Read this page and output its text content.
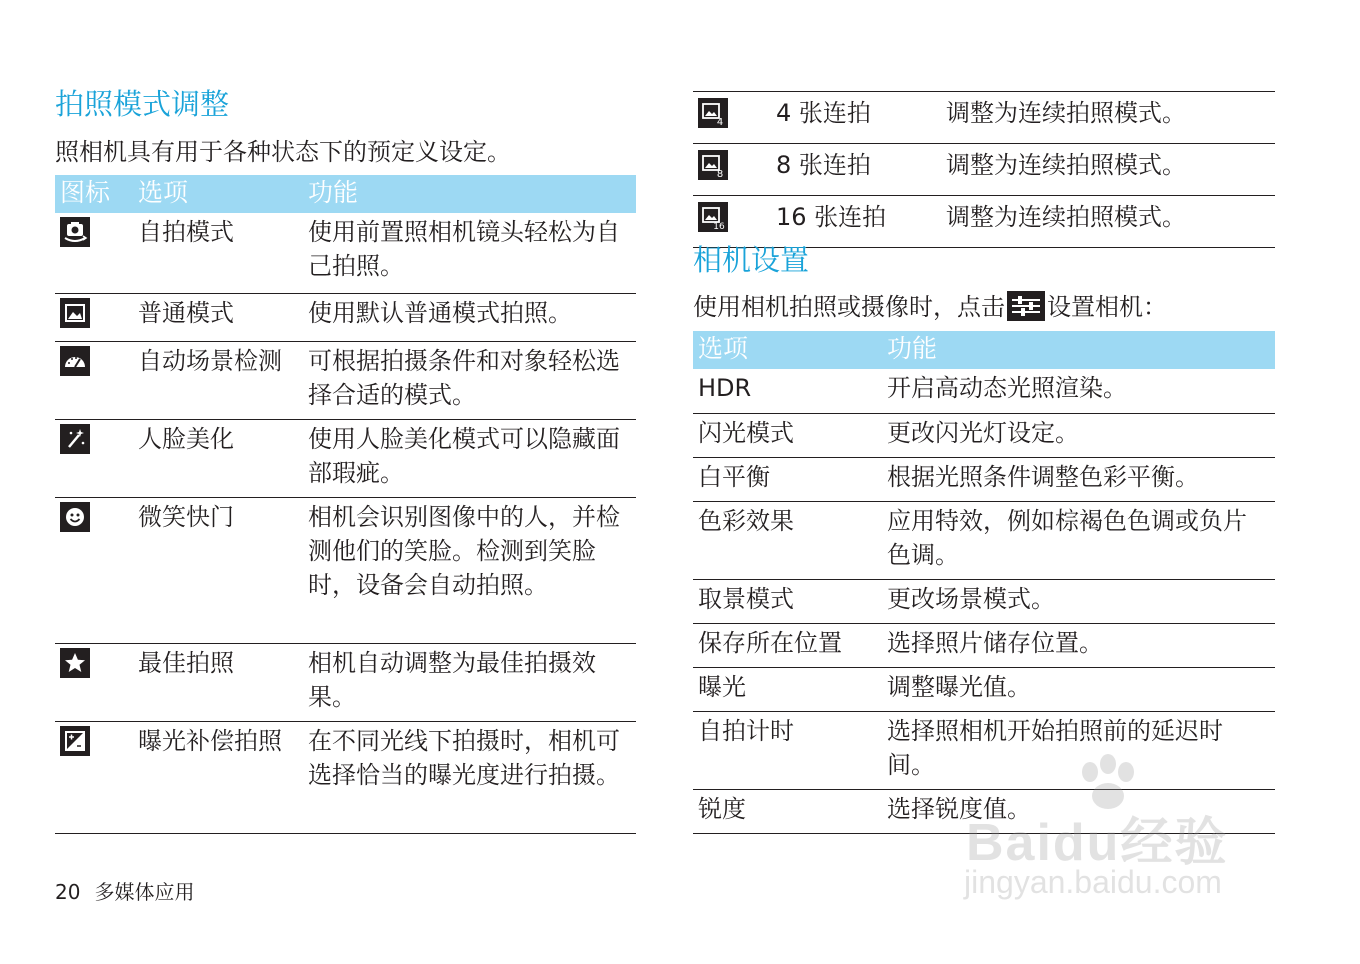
拍照模式调整
照相机具有用于各种状态下的预定义设定。
图标	选项	功能

	自拍模式	使用前置照相机镜头轻松为自己拍照。

	普通模式	使用默认普通模式拍照。

	自动场景检测	可根据拍摄条件和对象轻松选择合适的模式。

	人脸美化	使用人脸美化模式可以隐藏面部瑕疵。

	微笑快门	相机会识别图像中的人，并检测他们的笑脸。检测到笑脸时，设备会自动拍照。

	最佳拍照	相机自动调整为最佳拍摄效果。

	曝光补偿拍照	在不同光线下拍摄时，相机可选择恰当的曝光度进行拍摄。
4	4 张连拍	调整为连续拍照模式。

8	8 张连拍	调整为连续拍照模式。

16	16 张连拍	调整为连续拍照模式。
相机设置
使用相机拍照或摄像时，点击 设置相机：
选项	功能
HDR	开启高动态光照渲染。
闪光模式	更改闪光灯设定。
白平衡	根据光照条件调整色彩平衡。
色彩效果	应用特效，例如棕褐色色调或负片色调。
取景模式	更改场景模式。
保存所在位置	选择照片储存位置。
曝光	调整曝光值。
自拍计时	选择照相机开始拍照前的延迟时间。
锐度	选择锐度值。
20 多媒体应用
Baidu经验
jingyan.baidu.com
